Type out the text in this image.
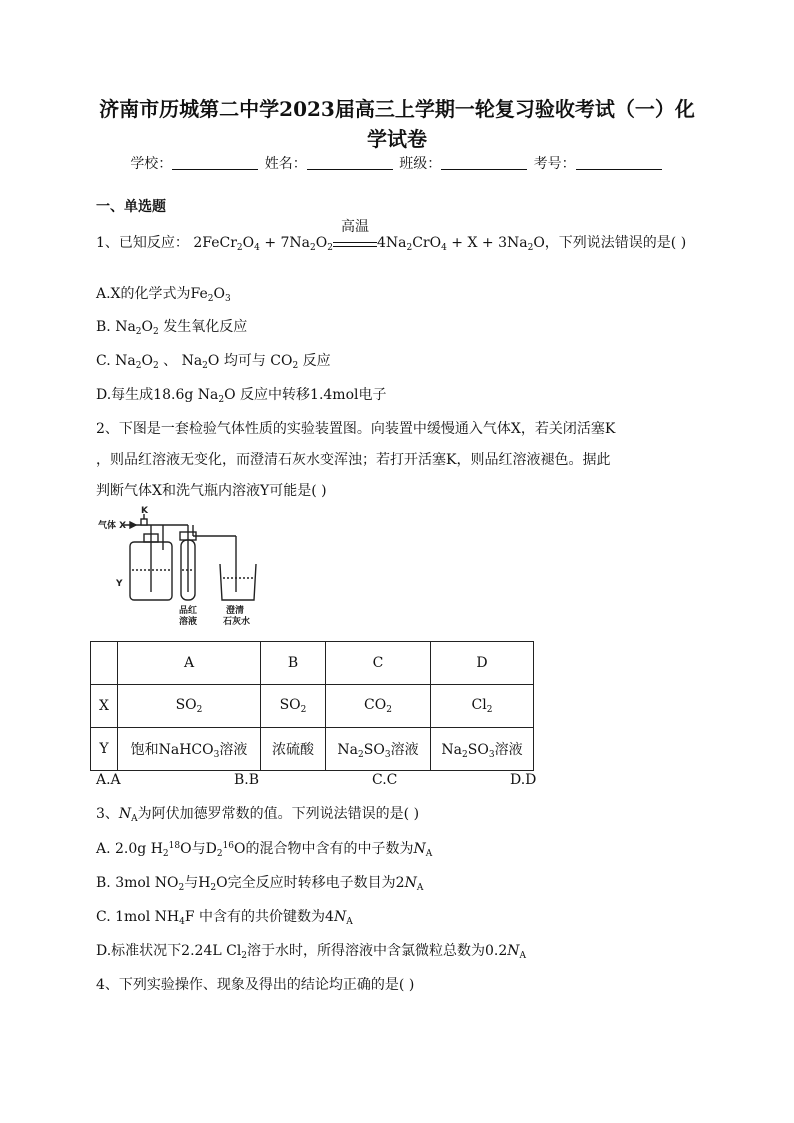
济南市历城第二中学2023届高三上学期一轮复习验收考试（一）化
学试卷
学校：	姓名：	班级：	考号：
一、单选题
1、已知反应： $2FeCr_2O_4 + 7Na_2O_2$
高温
$4Na_2CrO_4 + X + 3Na_2O$，下列说法错误的是( )
A.X的化学式为$Fe_2O_3$
B. $Na_2O_2$ 发生氧化反应
C. $Na_2O_2$ 、 $Na_2O$ 均可与 $CO_2$ 反应
D.每生成18.6g $Na_2O$ 反应中转移1.4mol电子
2、下图是一套检验气体性质的实验装置图。向装置中缓慢通入气体X，若关闭活塞K
，则品红溶液无变化，而澄清石灰水变浑浊；若打开活塞K，则品红溶液褪色。据此
判断气体X和洗气瓶内溶液Y可能是( )
K
气体 X
Y
品红
溶液
澄清
石灰水
	A	B	C	D
X	$SO_2$	$SO_2$	$CO_2$	$Cl_2$
Y	饱和NaHCO$_3$溶液	浓硫酸	$Na_2SO_3$溶液	$Na_2SO_3$溶液
A.A	B.B	C.C	D.D
3、$N_A$为阿伏加德罗常数的值。下列说法错误的是( )
A. 2.0g $H_2^{18}O$与$D_2^{16}O$的混合物中含有的中子数为$N_A$
B. 3mol $NO_2$与$H_2O$完全反应时转移电子数目为$2N_A$
C. 1mol $NH_4F$ 中含有的共价键数为$4N_A$
D.标准状况下2.24L $Cl_2$溶于水时，所得溶液中含氯微粒总数为$0.2N_A$
4、下列实验操作、现象及得出的结论均正确的是( )
